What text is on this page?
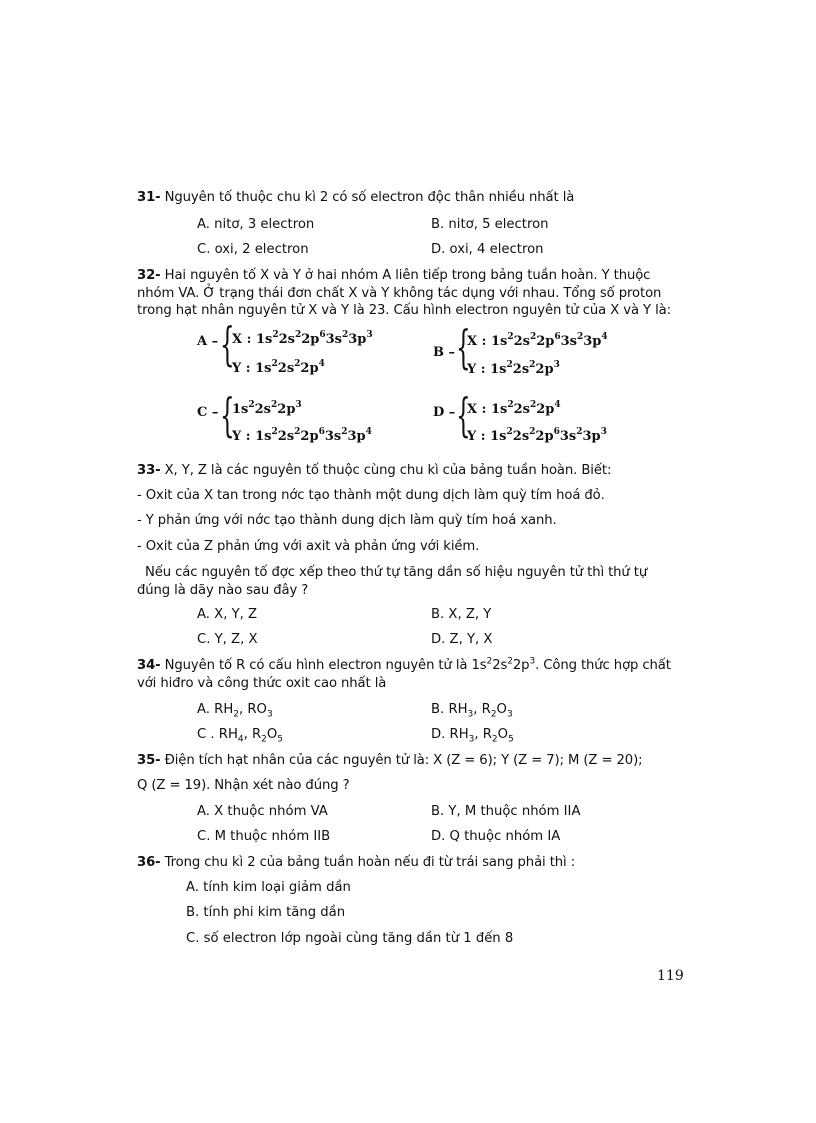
31- Nguyên tố thuộc chu kì 2 có số electron độc thân nhiều nhất là
A. nitơ, 3 electron	B. nitơ, 5 electron
C. oxi, 2 electron	D. oxi, 4 electron
32- Hai nguyên tố X và Y ở hai nhóm A liên tiếp trong bảng tuần hoàn. Y thuộc
nhóm VA. Ở trạng thái đơn chất X và Y không tác dụng với nhau. Tổng số proton
trong hạt nhân nguyên tử X và Y là 23. Cấu hình electron nguyên tử của X và Y là:
A – {
X : $1s^22s^22p^63s^23p^3$
Y : $1s^22s^22p^4$
B – {
X : $1s^22s^22p^63s^23p^4$
Y : $1s^22s^22p^3$
C – {
$1s^22s^22p^3$
Y : $1s^22s^22p^63s^23p^4$
D – {
X : $1s^22s^22p^4$
Y : $1s^22s^22p^63s^23p^3$
33- X, Y, Z là các nguyên tố thuộc cùng chu kì của bảng tuần hoàn. Biết:
- Oxit của X tan trong nớc tạo thành một dung dịch làm quỳ tím hoá đỏ.
- Y phản ứng với nớc tạo thành dung dịch làm quỳ tím hoá xanh.
- Oxit của Z phản ứng với axit và phản ứng với kiềm.
Nếu các nguyên tố đợc xếp theo thứ tự tăng dần số hiệu nguyên tử thì thứ tự
đúng là dãy nào sau đây ?
A. X, Y, Z	B. X, Z, Y
C. Y, Z, X	D. Z, Y, X
34- Nguyên tố R có cấu hình electron nguyên tử là $1s^22s^22p^3$. Công thức hợp chất
với hiđro và công thức oxit cao nhất là
A. $RH_2$, $RO_3$	B. $RH_3$, $R_2O_3$
C . $RH_4$, $R_2O_5$	D. $RH_3$, $R_2O_5$
35- Điện tích hạt nhân của các nguyên tử là: X (Z = 6); Y (Z = 7); M (Z = 20);
Q (Z = 19). Nhận xét nào đúng ?
A. X thuộc nhóm VA	B. Y, M thuộc nhóm IIA
C. M thuộc nhóm IIB	D. Q thuộc nhóm IA
36- Trong chu kì 2 của bảng tuần hoàn nếu đi từ trái sang phải thì :
A. tính kim loại giảm dần
B. tính phi kim tăng dần
C. số electron lớp ngoài cùng tăng dần từ 1 đến 8
119
